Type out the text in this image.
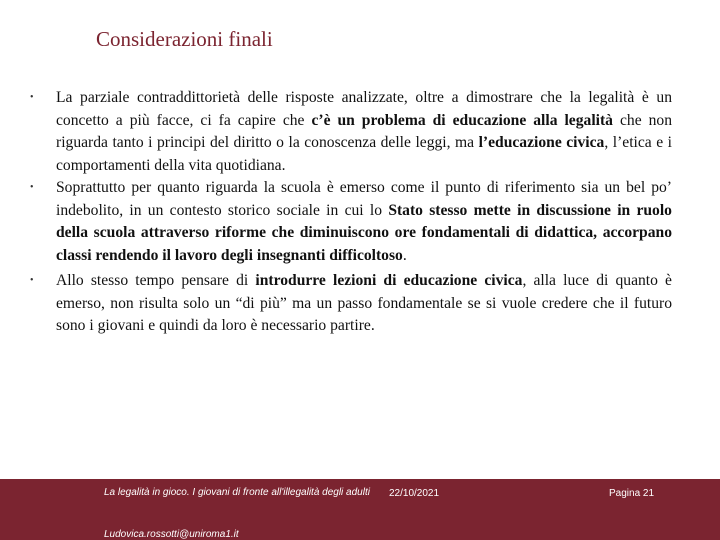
Considerazioni finali
• La parziale contraddittorietà delle risposte analizzate, oltre a dimostrare che la legalità è un concetto a più facce, ci fa capire che c’è un problema di educazione alla legalità che non riguarda tanto i principi del diritto o la conoscenza delle leggi, ma l’educazione civica, l’etica e i comportamenti della vita quotidiana.
• Soprattutto per quanto riguarda la scuola è emerso come il punto di riferimento sia un bel po’ indebolito, in un contesto storico sociale in cui lo Stato stesso mette in discussione in ruolo della scuola attraverso riforme che diminuiscono ore fondamentali di didattica, accorpano classi rendendo il lavoro degli insegnanti difficoltoso.
• Allo stesso tempo pensare di introdurre lezioni di educazione civica, alla luce di quanto è emerso, non risulta solo un “di più” ma un passo fondamentale se si vuole credere che il futuro sono i giovani e quindi da loro è necessario partire.
La legalità in gioco. I giovani di fronte all'illegalità degli adulti	22/10/2021	Pagina 21
Ludovica.rossotti@uniroma1.it
